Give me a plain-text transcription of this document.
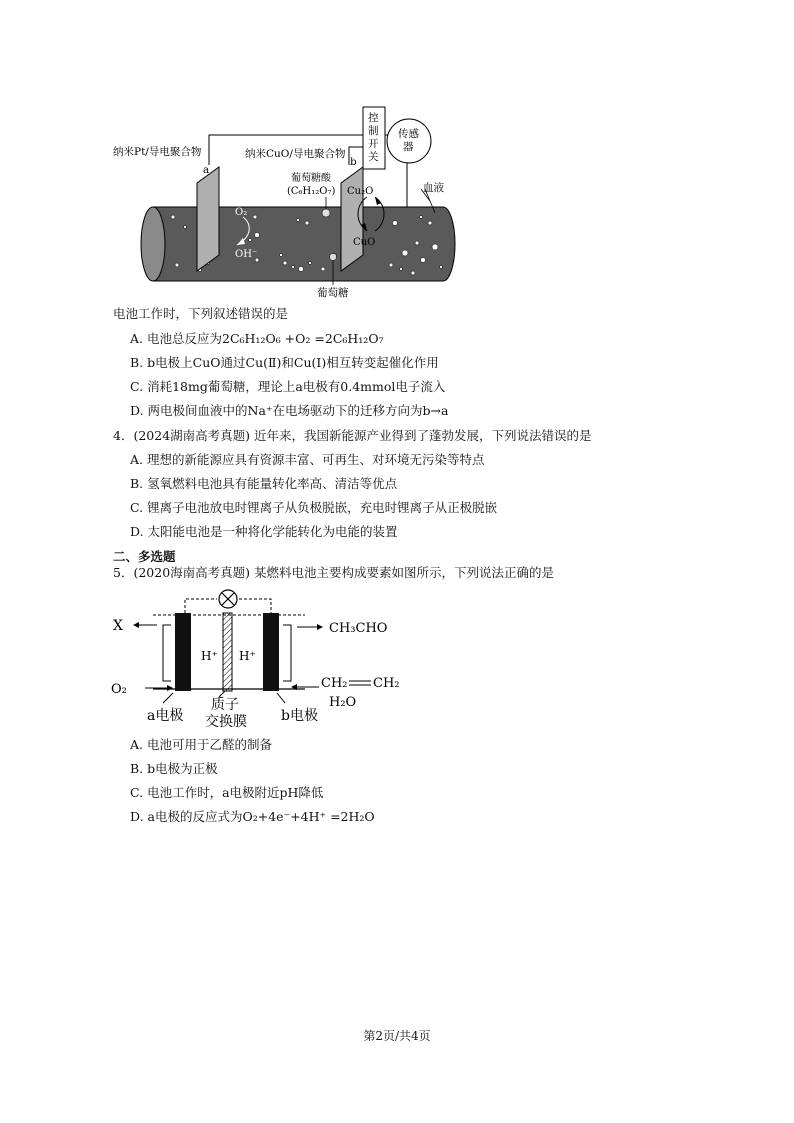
纳米Pt/导电聚合物
a
纳米CuO/导电聚合物
b
控制开关
传感器
葡萄糖酸
(C₆H₁₂O₇)	血液
O₂
OH⁻
Cu₂O
CuO
葡萄糖
电池工作时，下列叙述错误的是
A. 电池总反应为2C₆H₁₂O₆ +O₂ =2C₆H₁₂O₇
B. b电极上CuO通过Cu(Ⅱ)和Cu(Ⅰ)相互转变起催化作用
C. 消耗18mg葡萄糖，理论上a电极有0.4mmol电子流入
D. 两电极间血液中的Na⁺在电场驱动下的迁移方向为b→a
4．(2024湖南高考真题) 近年来，我国新能源产业得到了蓬勃发展，下列说法错误的是
A. 理想的新能源应具有资源丰富、可再生、对环境无污染等特点
B. 氢氧燃料电池具有能量转化率高、清洁等优点
C. 锂离子电池放电时锂离子从负极脱嵌，充电时锂离子从正极脱嵌
D. 太阳能电池是一种将化学能转化为电能的装置
二、多选题
5．(2020海南高考真题) 某燃料电池主要构成要素如图所示，下列说法正确的是
X
O₂
H⁺ H⁺
CH₃CHO
CH₂ CH₂
H₂O
a电极
质子
交换膜 b电极
A. 电池可用于乙醛的制备
B. b电极为正极
C. 电池工作时，a电极附近pH降低
D. a电极的反应式为O₂+4e⁻+4H⁺ =2H₂O
第2页/共4页
